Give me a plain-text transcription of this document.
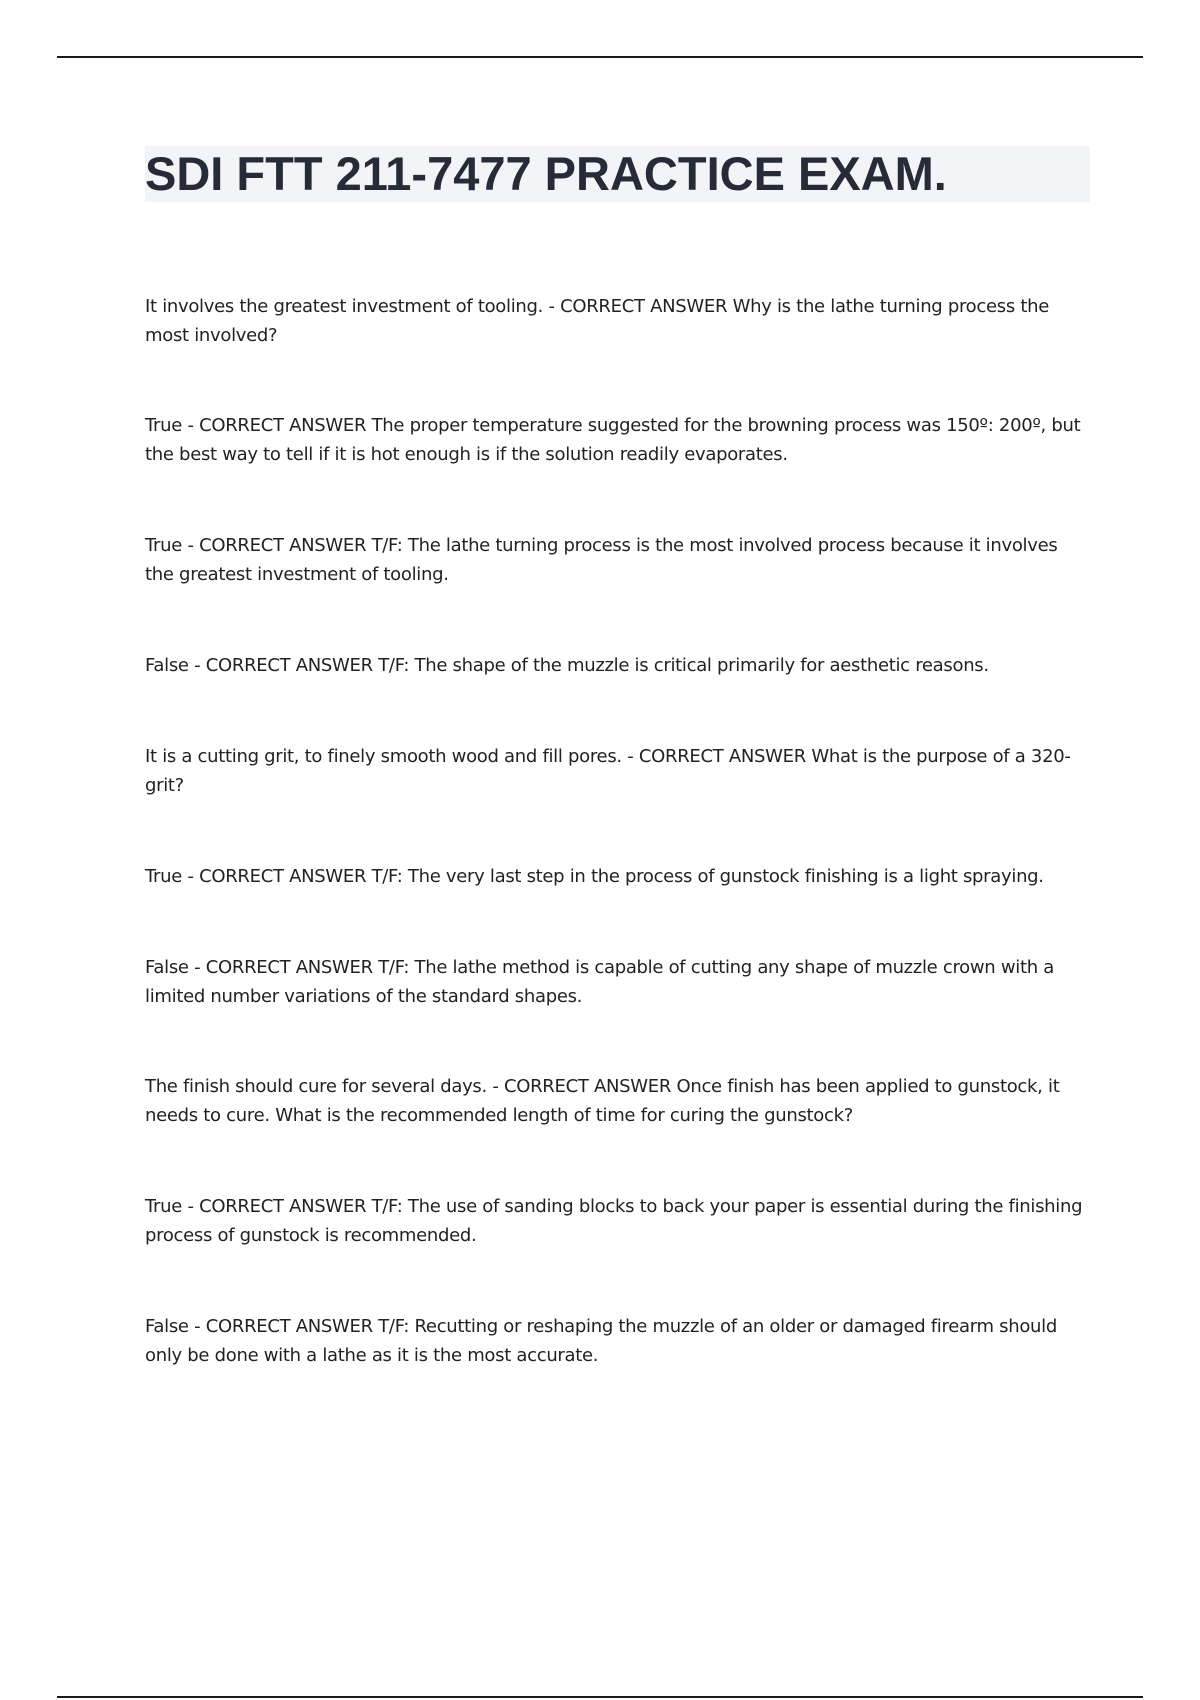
SDI FTT 211-7477 PRACTICE EXAM.

It involves the greatest investment of tooling. - CORRECT ANSWER Why is the lathe turning process the most involved?

True - CORRECT ANSWER The proper temperature suggested for the browning process was 150º: 200º, but the best way to tell if it is hot enough is if the solution readily evaporates.

True - CORRECT ANSWER T/F: The lathe turning process is the most involved process because it involves the greatest investment of tooling.

False - CORRECT ANSWER T/F: The shape of the muzzle is critical primarily for aesthetic reasons.

It is a cutting grit, to finely smooth wood and fill pores. - CORRECT ANSWER What is the purpose of a 320-grit?

True - CORRECT ANSWER T/F: The very last step in the process of gunstock finishing is a light spraying.

False - CORRECT ANSWER T/F: The lathe method is capable of cutting any shape of muzzle crown with a limited number variations of the standard shapes.

The finish should cure for several days. - CORRECT ANSWER Once finish has been applied to gunstock, it needs to cure. What is the recommended length of time for curing the gunstock?

True - CORRECT ANSWER T/F: The use of sanding blocks to back your paper is essential during the finishing process of gunstock is recommended.

False - CORRECT ANSWER T/F: Recutting or reshaping the muzzle of an older or damaged firearm should only be done with a lathe as it is the most accurate.
